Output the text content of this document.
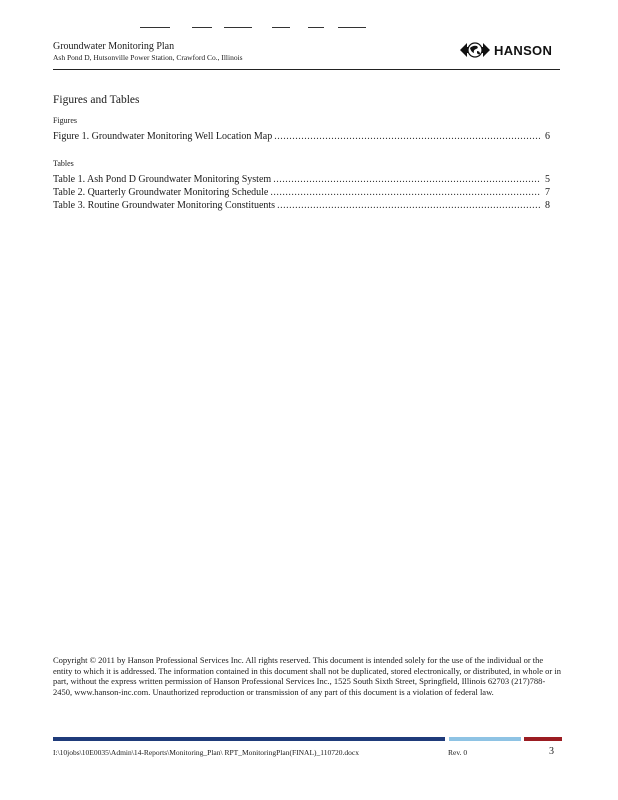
Groundwater Monitoring Plan
Ash Pond D, Hutsonville Power Station, Crawford Co., Illinois	HANSON
Figures and Tables
Figures
Figure 1. Groundwater Monitoring Well Location Map .....	6
Tables
Table 1. Ash Pond D Groundwater Monitoring System .....	5
Table 2. Quarterly Groundwater Monitoring Schedule .....	7
Table 3. Routine Groundwater Monitoring Constituents .....	8
Copyright © 2011 by Hanson Professional Services Inc. All rights reserved. This document is intended solely for the use of the individual or the entity to which it is addressed. The information contained in this document shall not be duplicated, stored electronically, or distributed, in whole or in part, without the express written permission of Hanson Professional Services Inc., 1525 South Sixth Street, Springfield, Illinois 62703 (217)788-2450, www.hanson-inc.com. Unauthorized reproduction or transmission of any part of this document is a violation of federal law.
I:\10jobs\10E0035\Admin\14-Reports\Monitoring_Plan\ RPT_MonitoringPlan(FINAL)_110720.docx	Rev. 0	3
